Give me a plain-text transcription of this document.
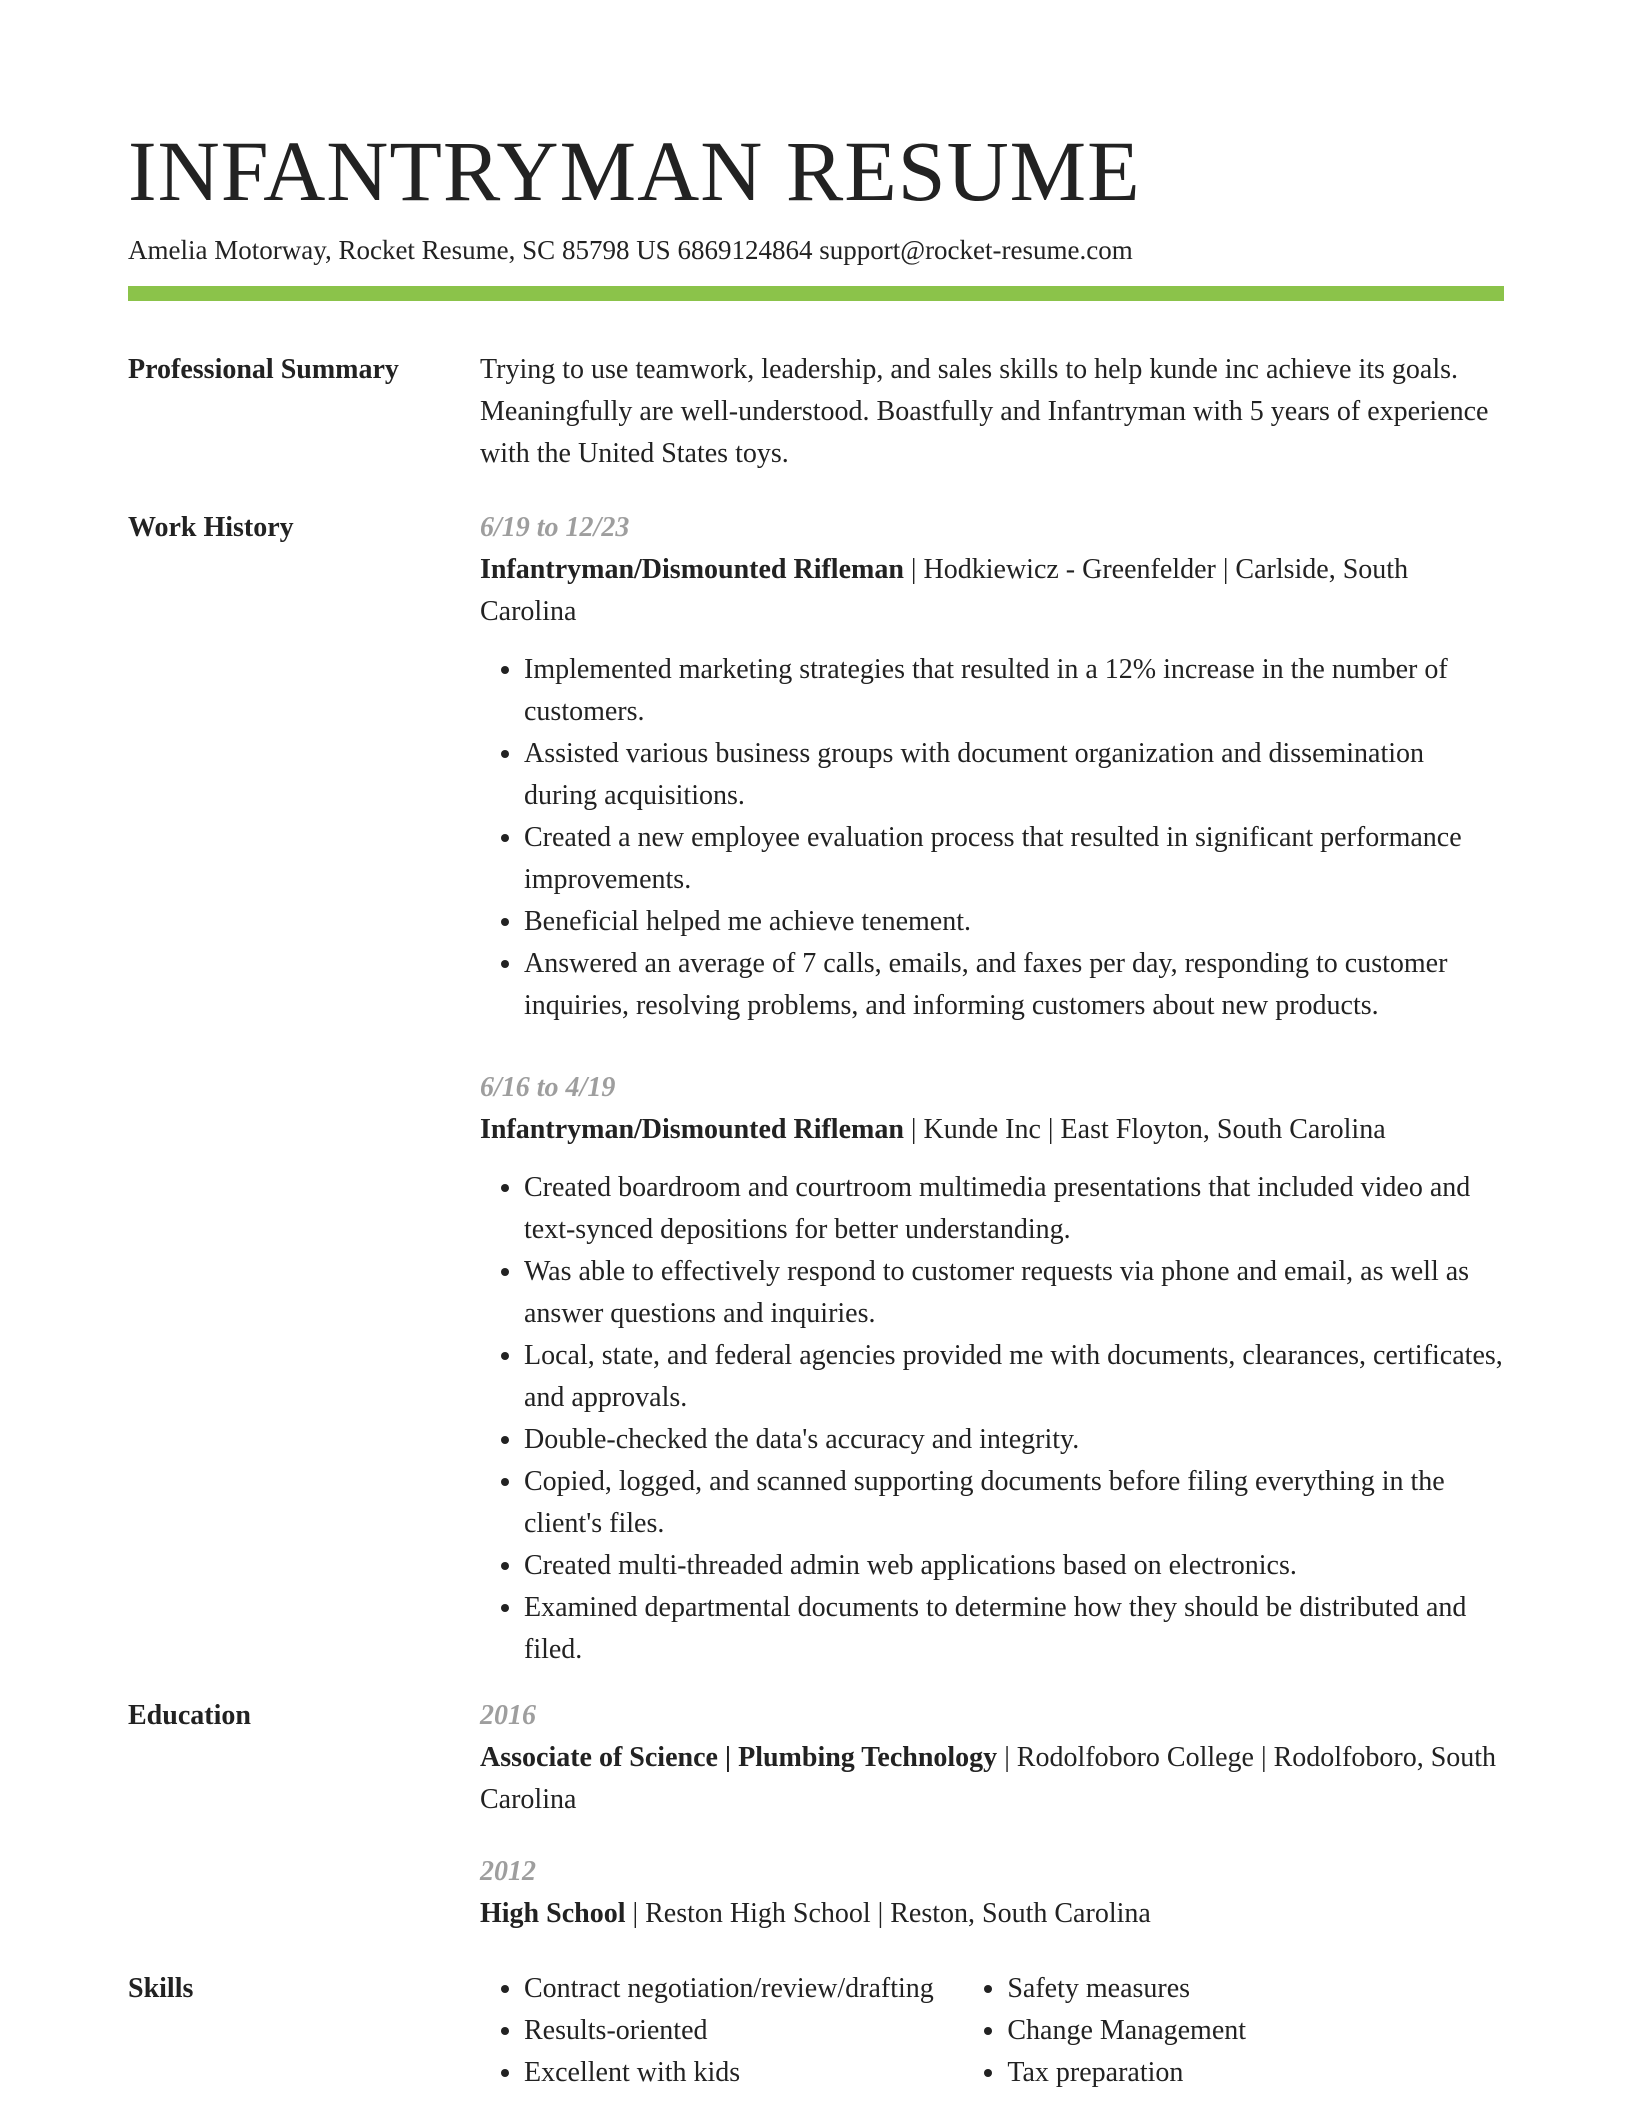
INFANTRYMAN RESUME

Amelia Motorway, Rocket Resume, SC 85798 US 6869124864 support@rocket-resume.com

Professional Summary	Trying to use teamwork, leadership, and sales skills to help kunde inc achieve its goals. Meaningfully are well-understood. Boastfully and Infantryman with 5 years of experience with the United States toys.

Work History	6/19 to 12/23

Infantryman/Dismounted Rifleman | Hodkiewicz - Greenfelder | Carlside, South Carolina

• Implemented marketing strategies that resulted in a 12% increase in the number of customers.
• Assisted various business groups with document organization and dissemination during acquisitions.
• Created a new employee evaluation process that resulted in significant performance improvements.
• Beneficial helped me achieve tenement.
• Answered an average of 7 calls, emails, and faxes per day, responding to customer inquiries, resolving problems, and informing customers about new products.

6/16 to 4/19

Infantryman/Dismounted Rifleman | Kunde Inc | East Floyton, South Carolina

• Created boardroom and courtroom multimedia presentations that included video and text-synced depositions for better understanding.
• Was able to effectively respond to customer requests via phone and email, as well as answer questions and inquiries.
• Local, state, and federal agencies provided me with documents, clearances, certificates, and approvals.
• Double-checked the data's accuracy and integrity.
• Copied, logged, and scanned supporting documents before filing everything in the client's files.
• Created multi-threaded admin web applications based on electronics.
• Examined departmental documents to determine how they should be distributed and filed.
Education	2016

Associate of Science | Plumbing Technology | Rodolfoboro College | Rodolfoboro, South Carolina

2012

High School | Reston High School | Reston, South Carolina

Skills
•	Contract negotiation/review/drafting
• Results-oriented
• Excellent with kids
• Safety measures
• Change Management
• Tax preparation
